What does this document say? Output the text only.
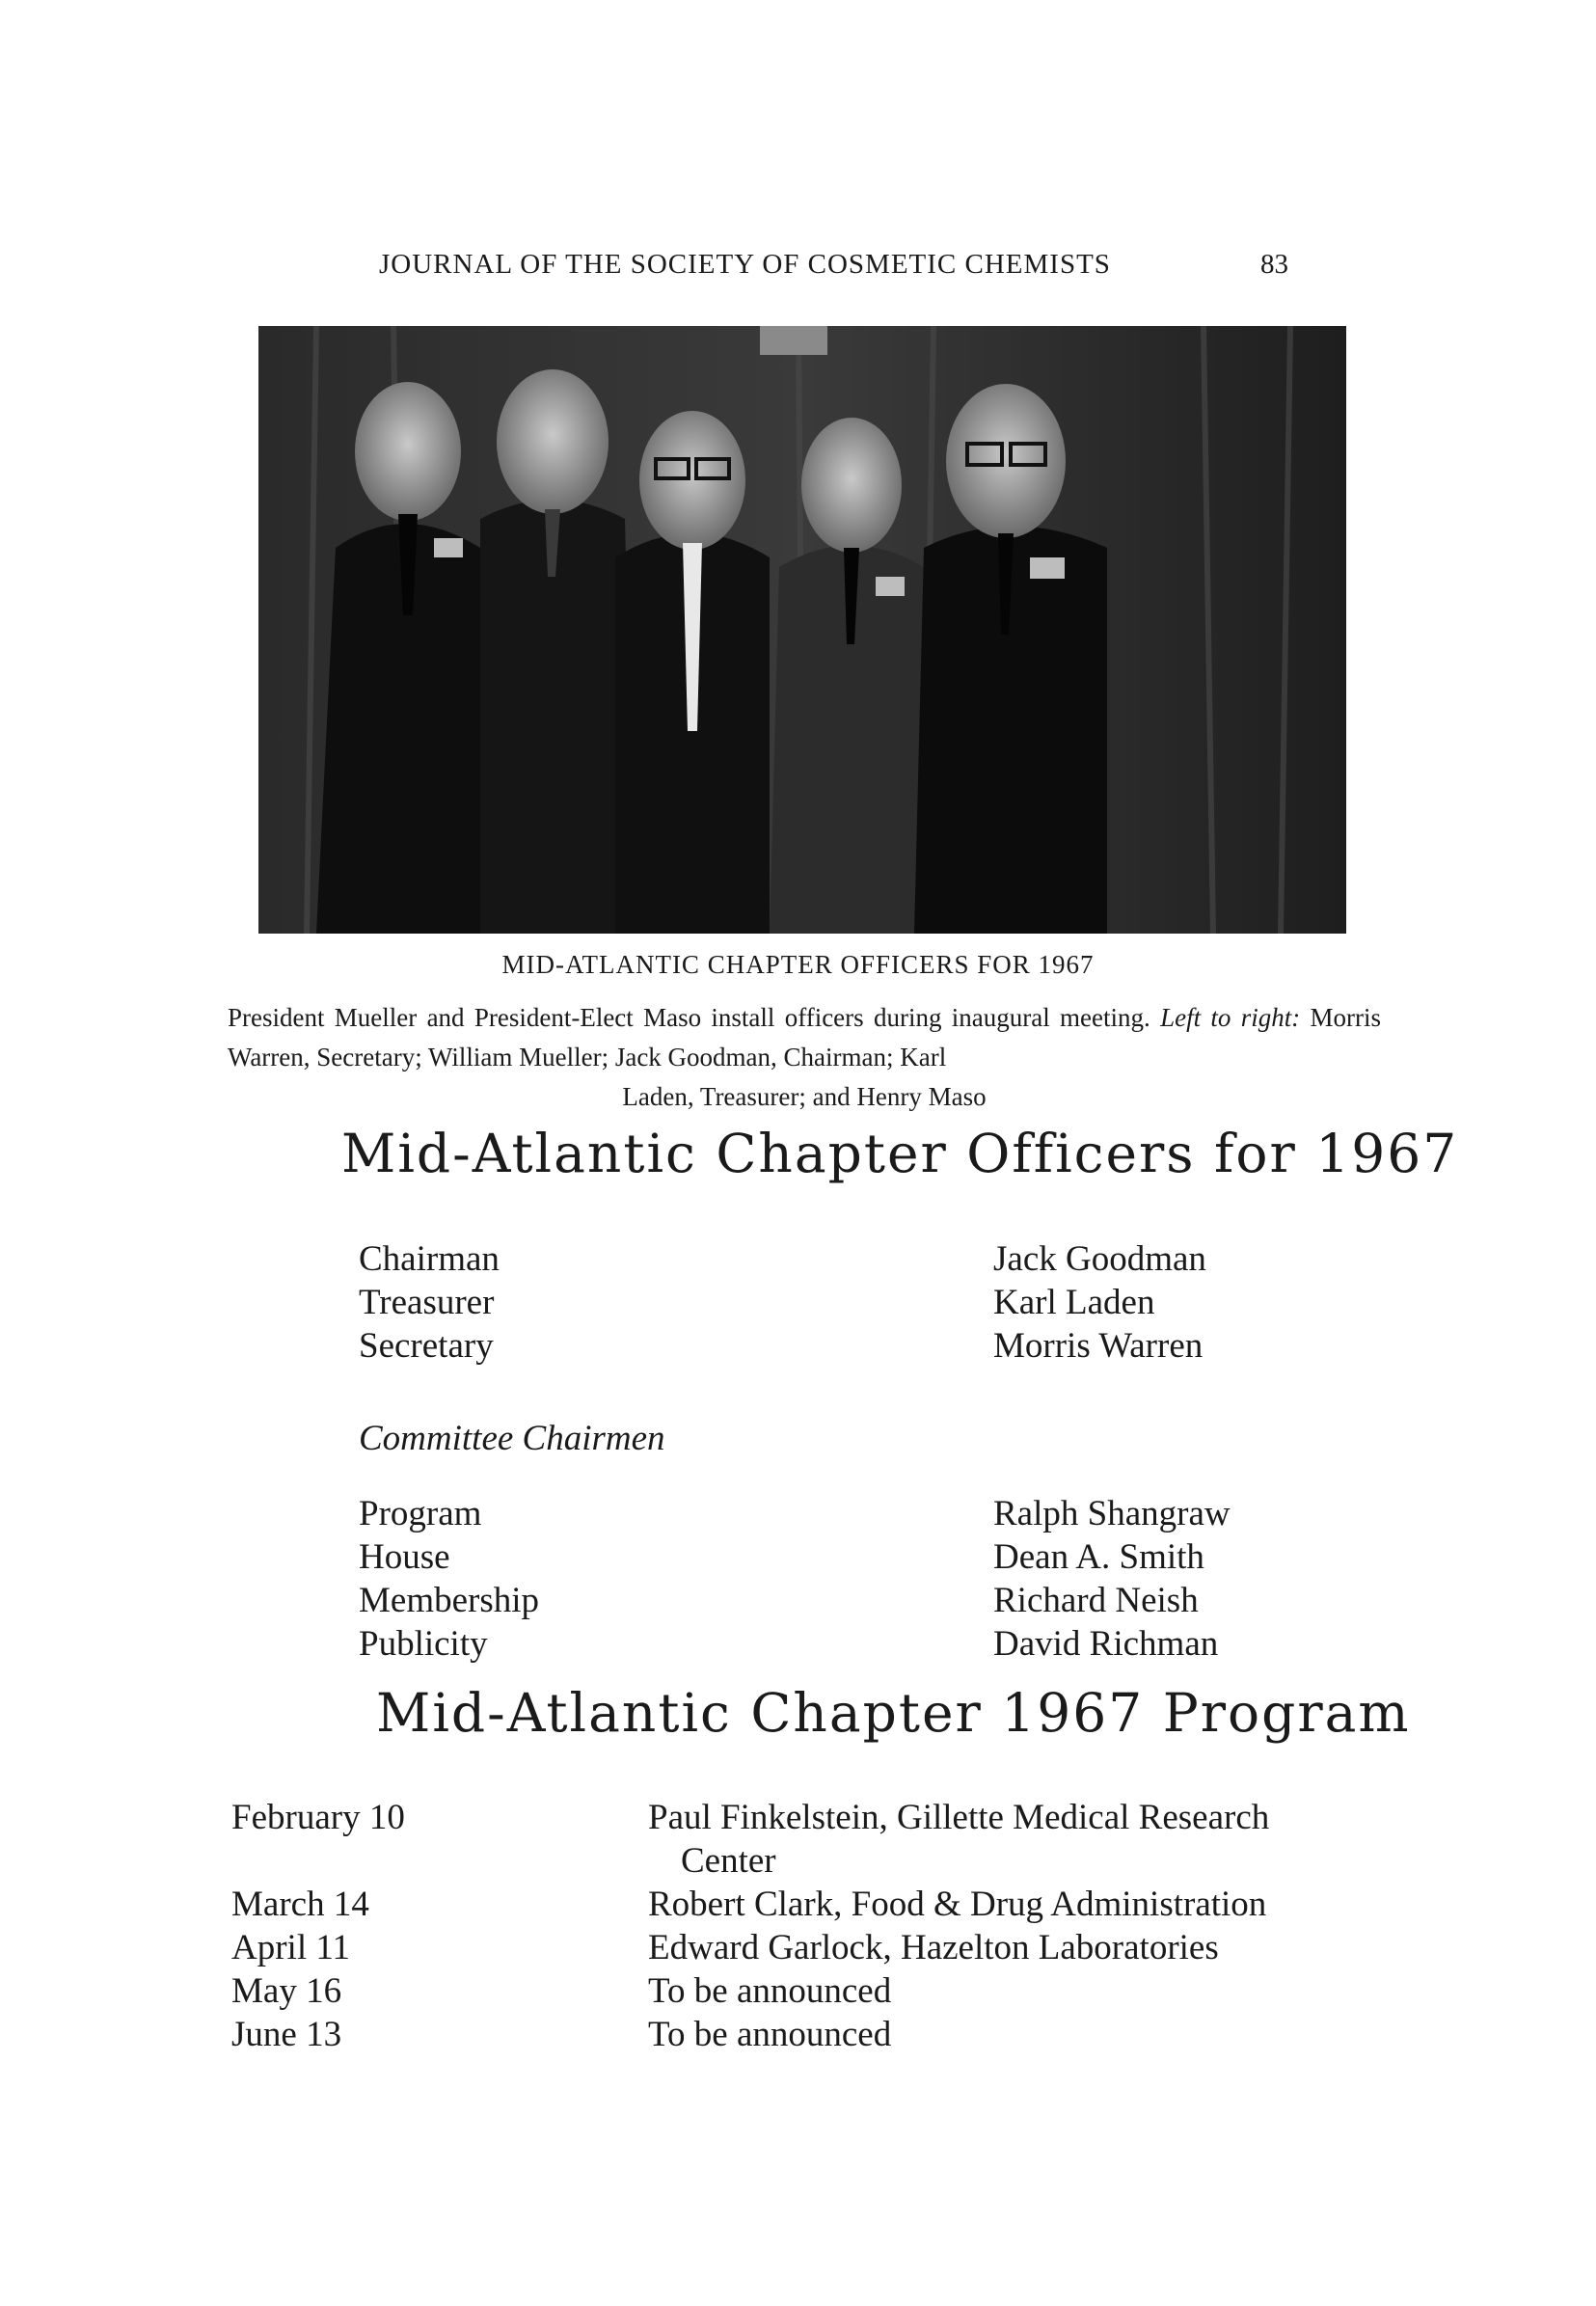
JOURNAL OF THE SOCIETY OF COSMETIC CHEMISTS	83
MID-ATLANTIC CHAPTER OFFICERS FOR 1967
President Mueller and President-Elect Maso install officers during inaugural meeting. Left to right: Morris Warren, Secretary; William Mueller; Jack Goodman, Chairman; Karl
Laden, Treasurer; and Henry Maso
Mid-Atlantic Chapter Officers for 1967
Chairman	Jack Goodman
Treasurer	Karl Laden
Secretary	Morris Warren
Committee Chairmen
Program	Ralph Shangraw
House	Dean A. Smith
Membership	Richard Neish
Publicity	David Richman
Mid-Atlantic Chapter 1967 Program
February 10	Paul Finkelstein, Gillette Medical Research
Center
March 14	Robert Clark, Food & Drug Administration
April 11	Edward Garlock, Hazelton Laboratories
May 16	To be announced
June 13	To be announced
